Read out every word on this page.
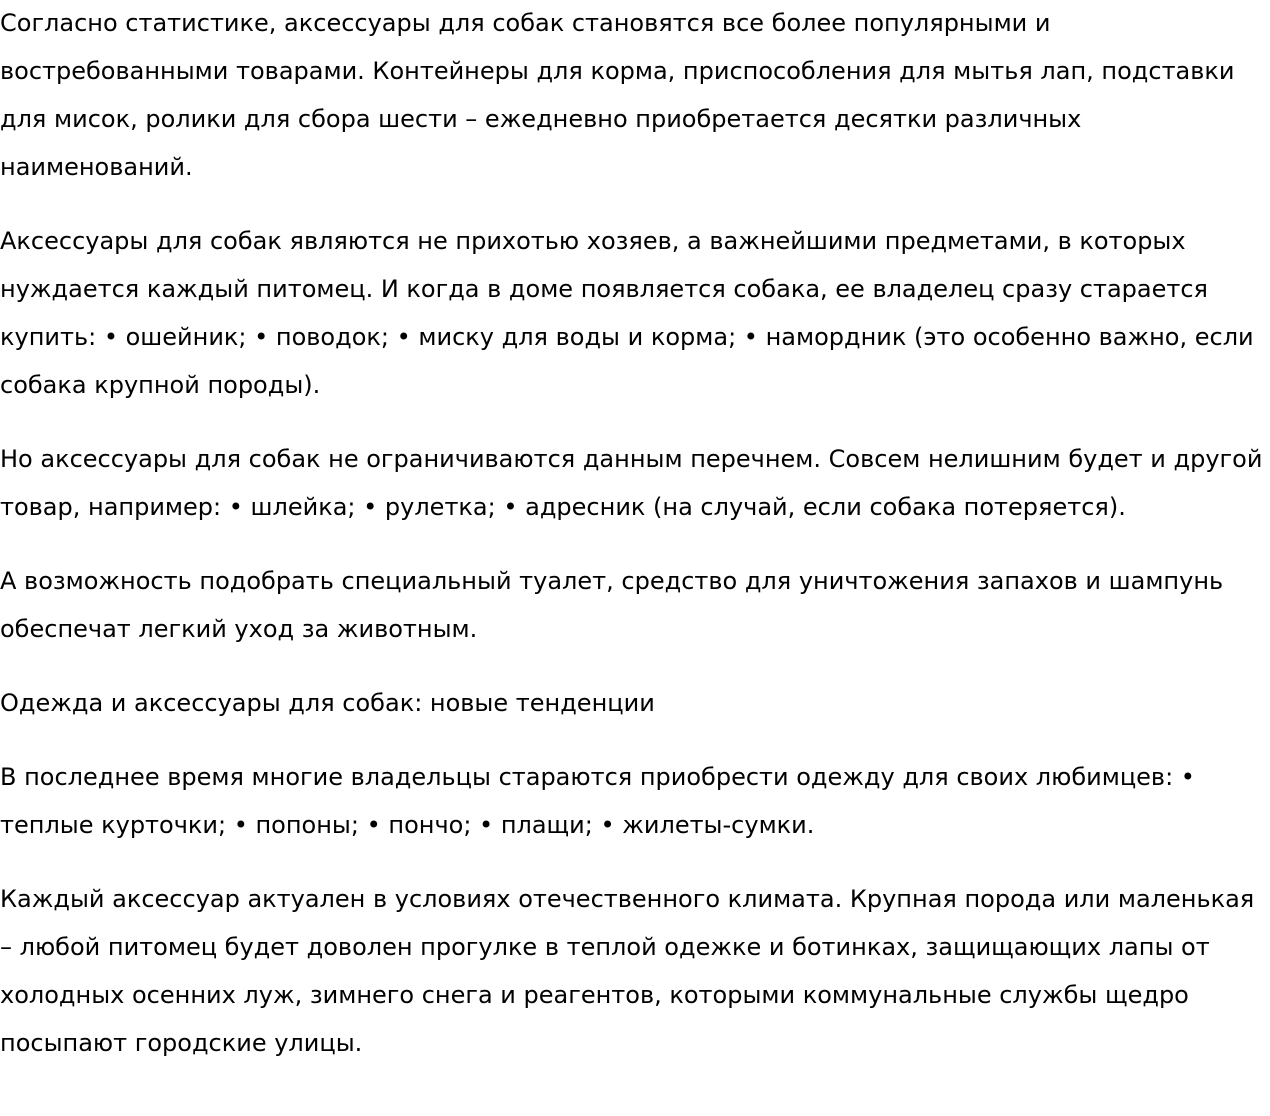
Согласно статистике, аксессуары для собак становятся все более популярными и востребованными товарами. Контейнеры для корма, приспособления для мытья лап, подставки для мисок, ролики для сбора шести – ежедневно приобретается десятки различных наименований.

Аксессуары для собак являются не прихотью хозяев, а важнейшими предметами, в которых нуждается каждый питомец. И когда в доме появляется собака, ее владелец сразу старается купить: • ошейник; • поводок; • миску для воды и корма; • намордник (это особенно важно, если собака крупной породы).

Но аксессуары для собак не ограничиваются данным перечнем. Совсем нелишним будет и другой товар, например: • шлейка; • рулетка; • адресник (на случай, если собака потеряется).

А возможность подобрать специальный туалет, средство для уничтожения запахов и шампунь обеспечат легкий уход за животным.

Одежда и аксессуары для собак: новые тенденции

В последнее время многие владельцы стараются приобрести одежду для своих любимцев: • теплые курточки; • попоны; • пончо; • плащи; • жилеты-сумки.

Каждый аксессуар актуален в условиях отечественного климата. Крупная порода или маленькая – любой питомец будет доволен прогулке в теплой одежке и ботинках, защищающих лапы от холодных осенних луж, зимнего снега и реагентов, которыми коммунальные службы щедро посыпают городские улицы.
